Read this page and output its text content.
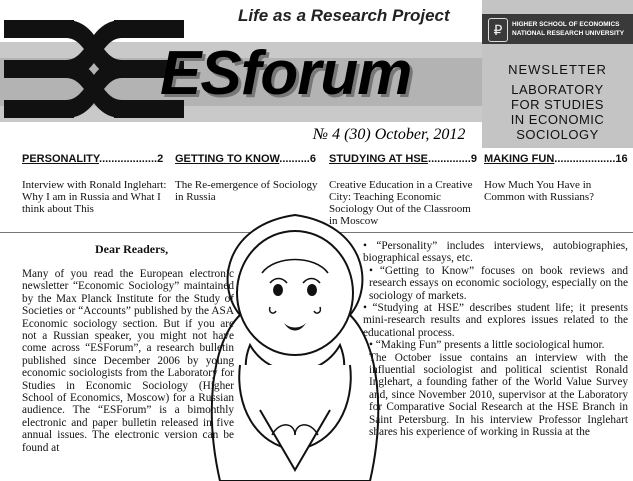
Life as a Research Project
ESforum
№ 4 (30) October, 2012
₽	HIGHER SCHOOL OF ECONOMICS
NATIONAL RESEARCH UNIVERSITY
NEWSLETTER
LABORATORY
FOR STUDIES
IN ECONOMIC
SOCIOLOGY
PERSONALITY...................2
Interview with Ronald Inglehart: Why I am in Russia and What I think about This
GETTING TO KNOW..........6
The Re-emergence of Sociology in Russia
STUDYING AT HSE..............9
Creative Education in a Creative City: Teaching Economic Sociology Out of the Classroom in Moscow
MAKING FUN....................16
How Much You Have in Common with Russians?
Dear Readers,
Many of you read the European electronic newsletter “Economic Sociology” maintained by the Max Planck Institute for the Study of Societies or “Accounts” published by the ASA Economic sociology section. But if you are not a Russian speaker, you might not have come across “ESForum”, a research bulletin published since December 2006 by young economic sociologists from the Laboratory for Studies in Economic Sociology (Higher School of Economics, Moscow) for a Russian audience. The “ESForum” is a bimonthly electronic and paper bulletin released in five annual issues. The electronic version can be found at
• “Personality” includes interviews, autobiographies, biographical essays, etc.
• “Getting to Know” focuses on book reviews and research essays on economic sociology, especially on the sociology of markets.
• “Studying at HSE” describes student life; it presents mini-research results and explores issues related to the educational process.
• “Making Fun” presents a little sociological humor.
The October issue contains an interview with the influential sociologist and political scientist Ronald Inglehart, a founding father of the World Value Survey and, since November 2010, supervisor at the Laboratory for Comparative Social Research at the HSE Branch in Saint Petersburg. In his interview Professor Inglehart shares his experience of working in Russia at the
